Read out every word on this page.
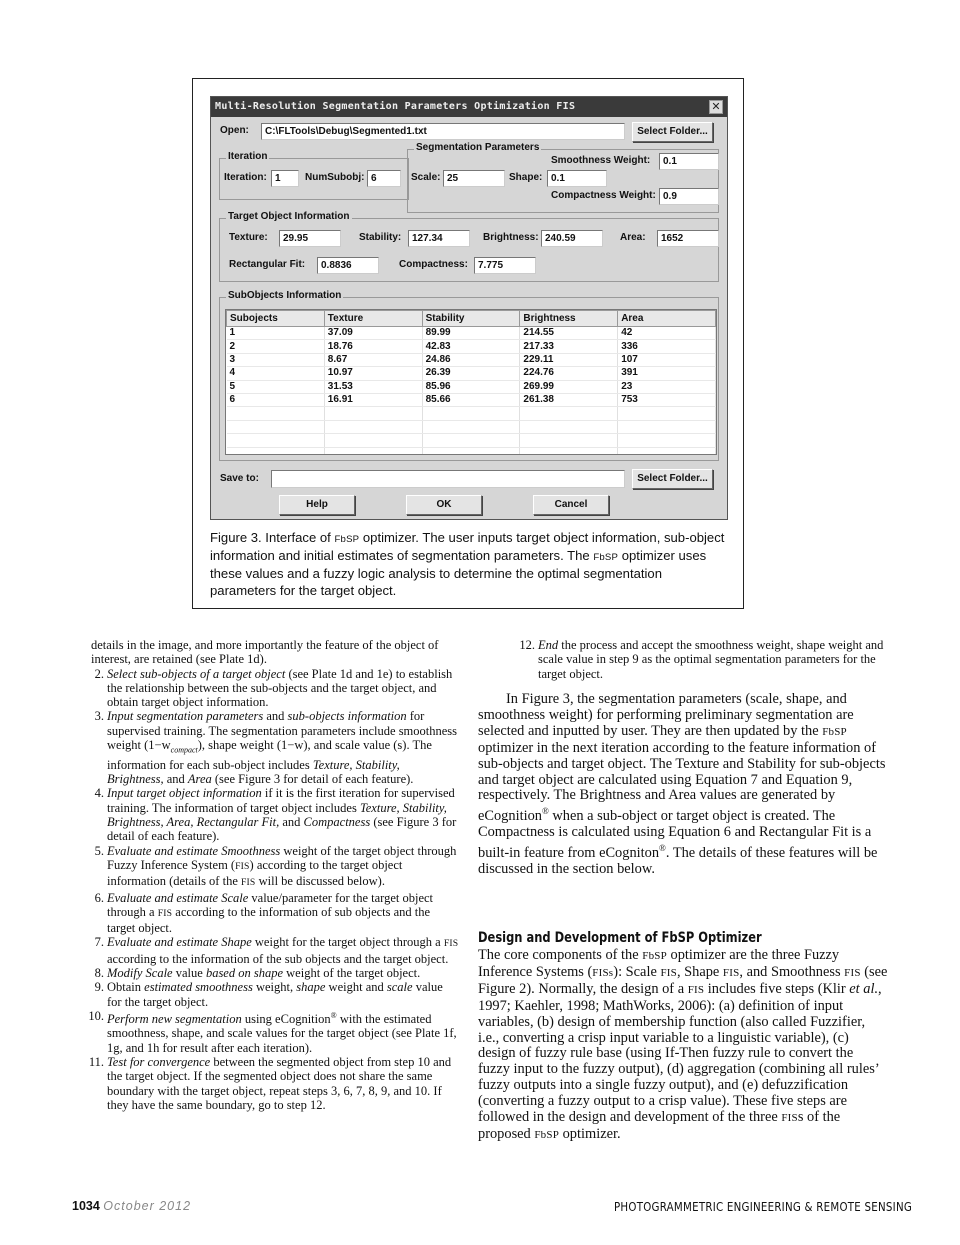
Multi-Resolution Segmentation Parameters Optimization FIS	✕
Open:	C:\FLTools\Debug\Segmented1.txt	Select Folder...
Iteration
Iteration: 1	NumSubobj: 6
Segmentation Parameters
Smoothness Weight:	0.1
Scale: 25	Shape: 0.1
Compactness Weight: 0.9
Target Object Information
Texture:	29.95	Stability:	127.34	Brightness: 240.59	Area:	1652
Rectangular Fit:	0.8836	Compactness:	7.775
SubObjects Information
Subojects	Texture	Stability	Brightness	Area
1	37.09	89.99	214.55	42
2	18.76	42.83	217.33	336
3	8.67	24.86	229.11	107
4	10.97	26.39	224.76	391
5	31.53	85.96	269.99	23
6	16.91	85.66	261.38	753

Save to:	Select Folder...
Help	OK	Cancel
Figure 3. Interface of FbSP optimizer. The user inputs target object information, sub-object information and initial estimates of segmentation parameters. The FbSP optimizer uses these values and a fuzzy logic analysis to determine the optimal segmentation parameters for the target object.
details in the image, and more importantly the feature of the object of interest, are retained (see Plate 1d).
2. Select sub-objects of a target object (see Plate 1d and 1e) to establish the relationship between the sub-objects and the target object, and obtain target object information.
3. Input segmentation parameters and sub-objects information for supervised training. The segmentation parameters include smoothness weight $(1-w_{compact})$, shape weight (1−w), and scale value (s). The information for each sub-object includes Texture, Stability, Brightness, and Area (see Figure 3 for detail of each feature).
4. Input target object information if it is the first iteration for supervised training. The information of target object includes Texture, Stability, Brightness, Area, Rectangular Fit, and Compactness (see Figure 3 for detail of each feature).
5. Evaluate and estimate Smoothness weight of the target object through Fuzzy Inference System (FIS) according to the target object information (details of the FIS will be discussed below).
6. Evaluate and estimate Scale value/parameter for the target object through a FIS according to the information of sub objects and the target object.
7. Evaluate and estimate Shape weight for the target object through a FIS according to the information of the sub objects and the target object.
8. Modify Scale value based on shape weight of the target object.
9. Obtain estimated smoothness weight, shape weight and scale value for the target object.
10. Perform new segmentation using eCognition® with the estimated smoothness, shape, and scale values for the target object (see Plate 1f, 1g, and 1h for result after each iteration).
11. Test for convergence between the segmented object from step 10 and the target object. If the segmented object does not share the same boundary with the target object, repeat steps 3, 6, 7, 8, 9, and 10. If they have the same boundary, go to step 12.
12. End the process and accept the smoothness weight, shape weight and scale value in step 9 as the optimal segmentation parameters for the target object.
In Figure 3, the segmentation parameters (scale, shape, and smoothness weight) for performing preliminary segmentation are selected and inputted by user. They are then updated by the FbSP optimizer in the next iteration according to the feature information of sub-objects and target object. The Texture and Stability for sub-objects and target object are calculated using Equation 7 and Equation 9, respectively. The Brightness and Area values are generated by eCognition® when a sub-object or target object is created. The Compactness is calculated using Equation 6 and Rectangular Fit is a built-in feature from eCogniton®. The details of these features will be discussed in the section below.
Design and Development of FbSP Optimizer
The core components of the FbSP optimizer are the three Fuzzy Inference Systems (FISs): Scale FIS, Shape FIS, and Smoothness FIS (see Figure 2). Normally, the design of a FIS includes five steps (Klir et al., 1997; Kaehler, 1998; MathWorks, 2006): (a) definition of input variables, (b) design of membership function (also called Fuzzifier, i.e., converting a crisp input variable to a linguistic variable), (c) design of fuzzy rule base (using If-Then fuzzy rule to convert the fuzzy input to the fuzzy output), (d) aggregation (combining all rules’ fuzzy outputs into a single fuzzy output), and (e) defuzzification (converting a fuzzy output to a crisp value). These five steps are followed in the design and development of the three FISs of the proposed FbSP optimizer.
1034 October 2012	PHOTOGRAMMETRIC ENGINEERING & REMOTE SENSING
